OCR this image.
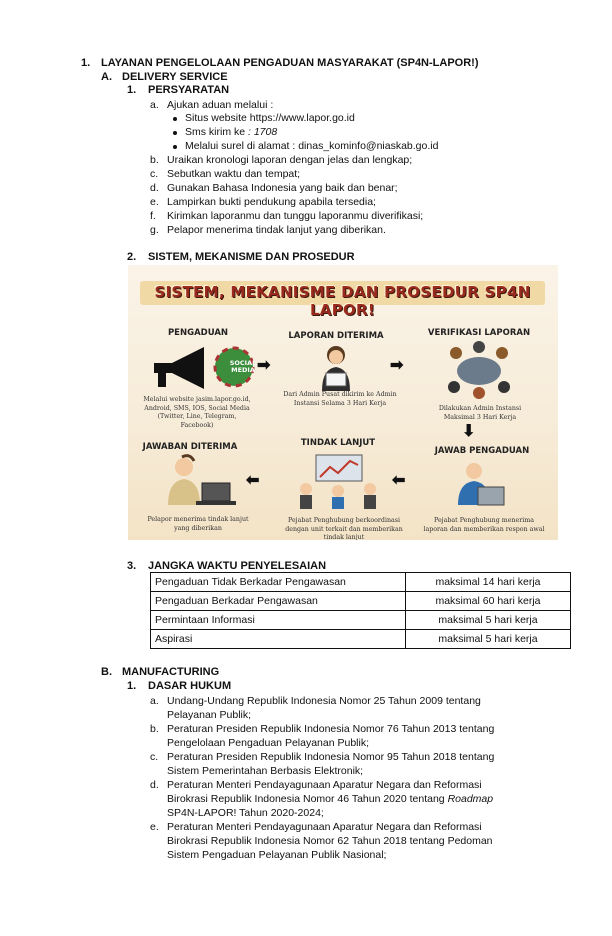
1. LAYANAN PENGELOLAAN PENGADUAN MASYARAKAT (SP4N-LAPOR!)
A. DELIVERY SERVICE
1. PERSYARATAN
a. Ajukan aduan melalui :
Situs website https://www.lapor.go.id
Sms kirim ke : 1708
Melalui surel di alamat : dinas_kominfo@niaskab.go.id
b. Uraikan kronologi laporan dengan jelas dan lengkap;
c. Sebutkan waktu dan tempat;
d. Gunakan Bahasa Indonesia yang baik dan benar;
e. Lampirkan bukti pendukung apabila tersedia;
f. Kirimkan laporanmu dan tunggu laporanmu diverifikasi;
g. Pelapor menerima tindak lanjut yang diberikan.
2. SISTEM, MEKANISME DAN PROSEDUR
SISTEM, MEKANISME DAN PROSEDUR SP4N LAPOR!
PENGADUAN
SOCIAL MEDIA
Melalui website jasim.lapor.go.id, Android, SMS, IOS, Social Media (Twitter, Line, Telegram, Facebook)
➡
LAPORAN DITERIMA
Dari Admin Pusat dikirim ke Admin Instansi Selama 3 Hari Kerja
➡
VERIFIKASI LAPORAN
Dilakukan Admin Instansi Maksimal 3 Hari Kerja
⬇
JAWAB PENGADUAN
Pejabat Penghubung menerima laporan dan memberikan respon awal
⬅
TINDAK LANJUT
Pejabat Penghubung berkoordinasi dengan unit terkait dan memberikan tindak lanjut
⬅
JAWABAN DITERIMA
Pelapor menerima tindak lanjut yang diberikan
3. JANGKA WAKTU PENYELESAIAN
Pengaduan Tidak Berkadar Pengawasan	maksimal 14 hari kerja
Pengaduan Berkadar Pengawasan	maksimal 60 hari kerja
Permintaan Informasi	maksimal 5 hari kerja
Aspirasi	maksimal 5 hari kerja
B. MANUFACTURING
1. DASAR HUKUM
a. Undang-Undang Republik Indonesia Nomor 25 Tahun 2009 tentang
Pelayanan Publik;
b. Peraturan Presiden Republik Indonesia Nomor 76 Tahun 2013 tentang
Pengelolaan Pengaduan Pelayanan Publik;
c. Peraturan Presiden Republik Indonesia Nomor 95 Tahun 2018 tentang
Sistem Pemerintahan Berbasis Elektronik;
d. Peraturan Menteri Pendayagunaan Aparatur Negara dan Reformasi
Birokrasi Republik Indonesia Nomor 46 Tahun 2020 tentang Roadmap
SP4N-LAPOR! Tahun 2020-2024;
e. Peraturan Menteri Pendayagunaan Aparatur Negara dan Reformasi
Birokrasi Republik Indonesia Nomor 62 Tahun 2018 tentang Pedoman
Sistem Pengaduan Pelayanan Publik Nasional;
